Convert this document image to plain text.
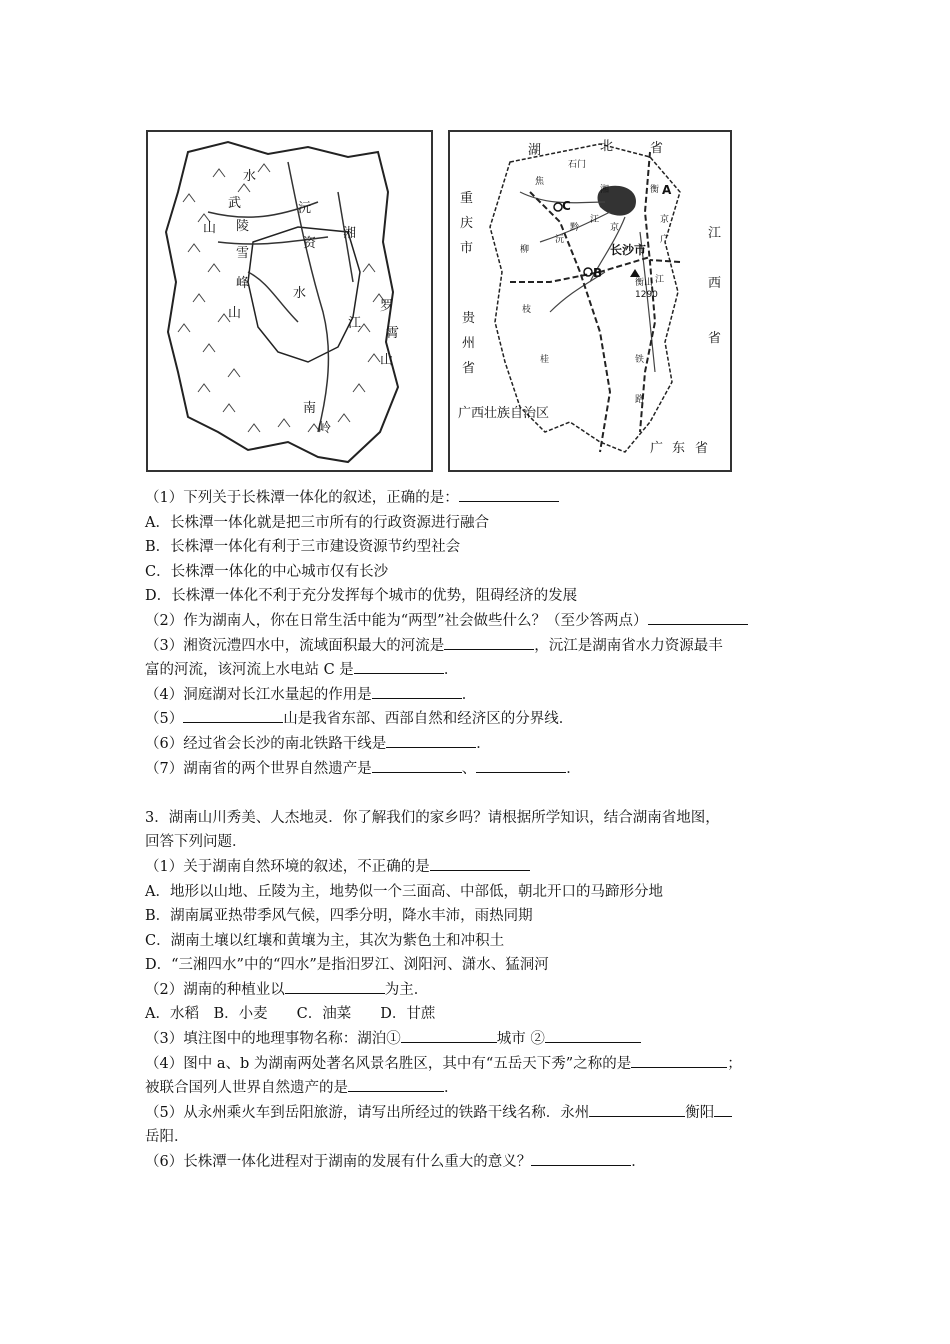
水
武
陵
沅
湘
资
山
雪
峰
山
水
江
罗
霄
山
南
岭
湖	北	省
重
庆
市
贵
州
省
江
西
省
广西壮族自治区
广 东 省
长沙市
A
B
C
石门
衡山
1290
焦
柳
枝
湘
黔
江	京
广
铁
路
桂
沅
京
江
衡
（1）下列关于长株潭一体化的叙述，正确的是：
A．长株潭一体化就是把三市所有的行政资源进行融合
B．长株潭一体化有利于三市建设资源节约型社会
C．长株潭一体化的中心城市仅有长沙
D．长株潭一体化不利于充分发挥每个城市的优势，阻碍经济的发展
（2）作为湖南人，你在日常生活中能为“两型”社会做些什么？（至少答两点）
（3）湘资沅澧四水中，流域面积最大的河流是	，沅江是湖南省水力资源最丰
富的河流，该河流上水电站 C 是	．
（4）洞庭湖对长江水量起的作用是	．
（5）	山是我省东部、西部自然和经济区的分界线．
（6）经过省会长沙的南北铁路干线是	．
（7）湖南省的两个世界自然遗产是	、	．
3．湖南山川秀美、人杰地灵．你了解我们的家乡吗？请根据所学知识，结合湖南省地图，
回答下列问题．
（1）关于湖南自然环境的叙述，不正确的是
A．地形以山地、丘陵为主，地势似一个三面高、中部低，朝北开口的马蹄形分地
B．湖南属亚热带季风气候，四季分明，降水丰沛，雨热同期
C．湖南土壤以红壤和黄壤为主，其次为紫色土和冲积土
D．“三湘四水”中的“四水”是指汨罗江、浏阳河、潇水、猛洞河
（2）湖南的种植业以	为主．
A．水稻　B．小麦　　C．油菜　　D．甘蔗
（3）填注图中的地理事物名称：湖泊①	城市 ②
（4）图中 a、b 为湖南两处著名风景名胜区，其中有“五岳天下秀”之称的是	；
被联合国列人世界自然遗产的是	．
（5）从永州乘火车到岳阳旅游，请写出所经过的铁路干线名称．永州	衡阳
岳阳．
（6）长株潭一体化进程对于湖南的发展有什么重大的意义？	．
